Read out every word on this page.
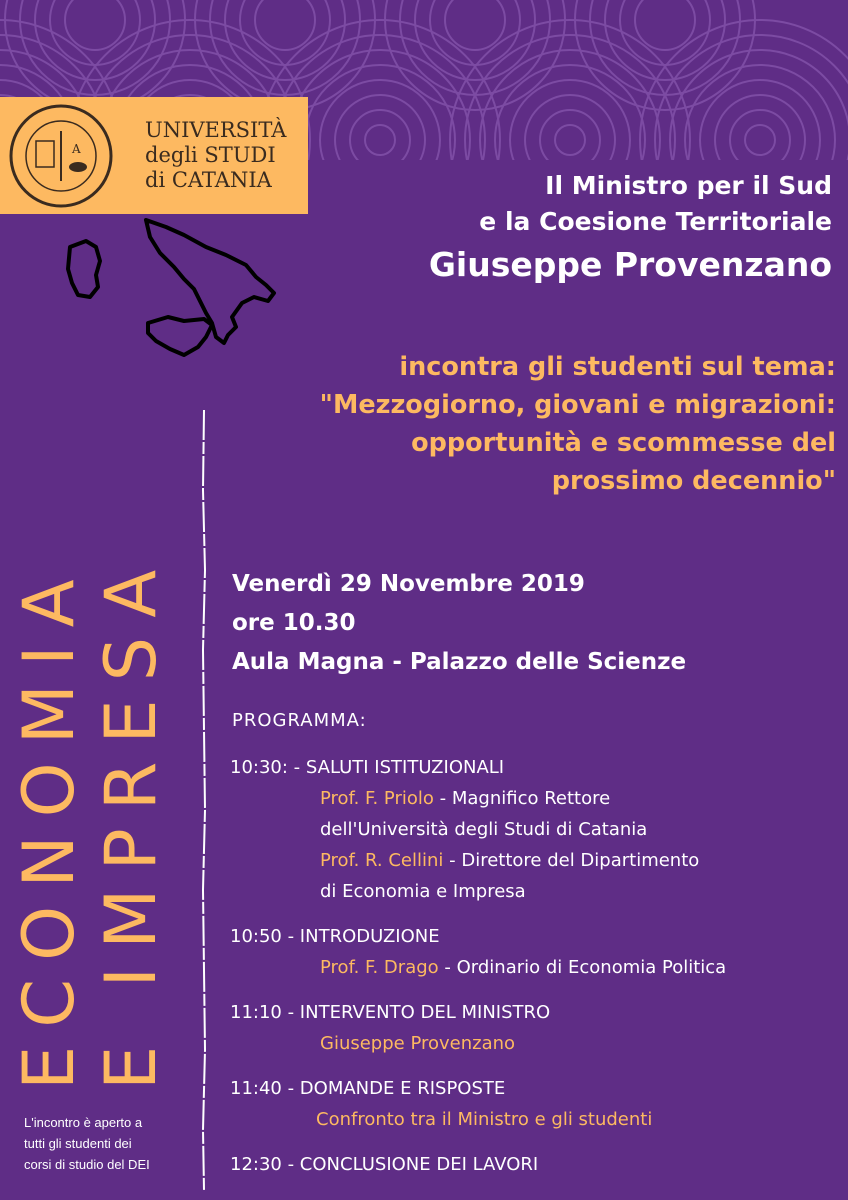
A
UNIVERSITÀ
degli STUDI
di CATANIA	Il Ministro per il Sud
e la Coesione Territoriale
Giuseppe Provenzano
incontra gli studenti sul tema:
"Mezzogiorno, giovani e migrazioni:
opportunità e scommesse del
prossimo decennio"
ECONOMIA E IMPRESA	Venerdì 29 Novembre 2019
ore 10.30
Aula Magna - Palazzo delle Scienze
PROGRAMMA:
10:30: - SALUTI ISTITUZIONALI
Prof. F. Priolo - Magnifico Rettore
dell'Università degli Studi di Catania
Prof. R. Cellini - Direttore del Dipartimento
di Economia e Impresa
10:50 - INTRODUZIONE
Prof. F. Drago - Ordinario di Economia Politica
11:10 - INTERVENTO DEL MINISTRO
Giuseppe Provenzano
11:40 - DOMANDE E RISPOSTE
Confronto tra il Ministro e gli studenti
12:30 - CONCLUSIONE DEI LAVORI
L'incontro è aperto a
tutti gli studenti dei
corsi di studio del DEI
